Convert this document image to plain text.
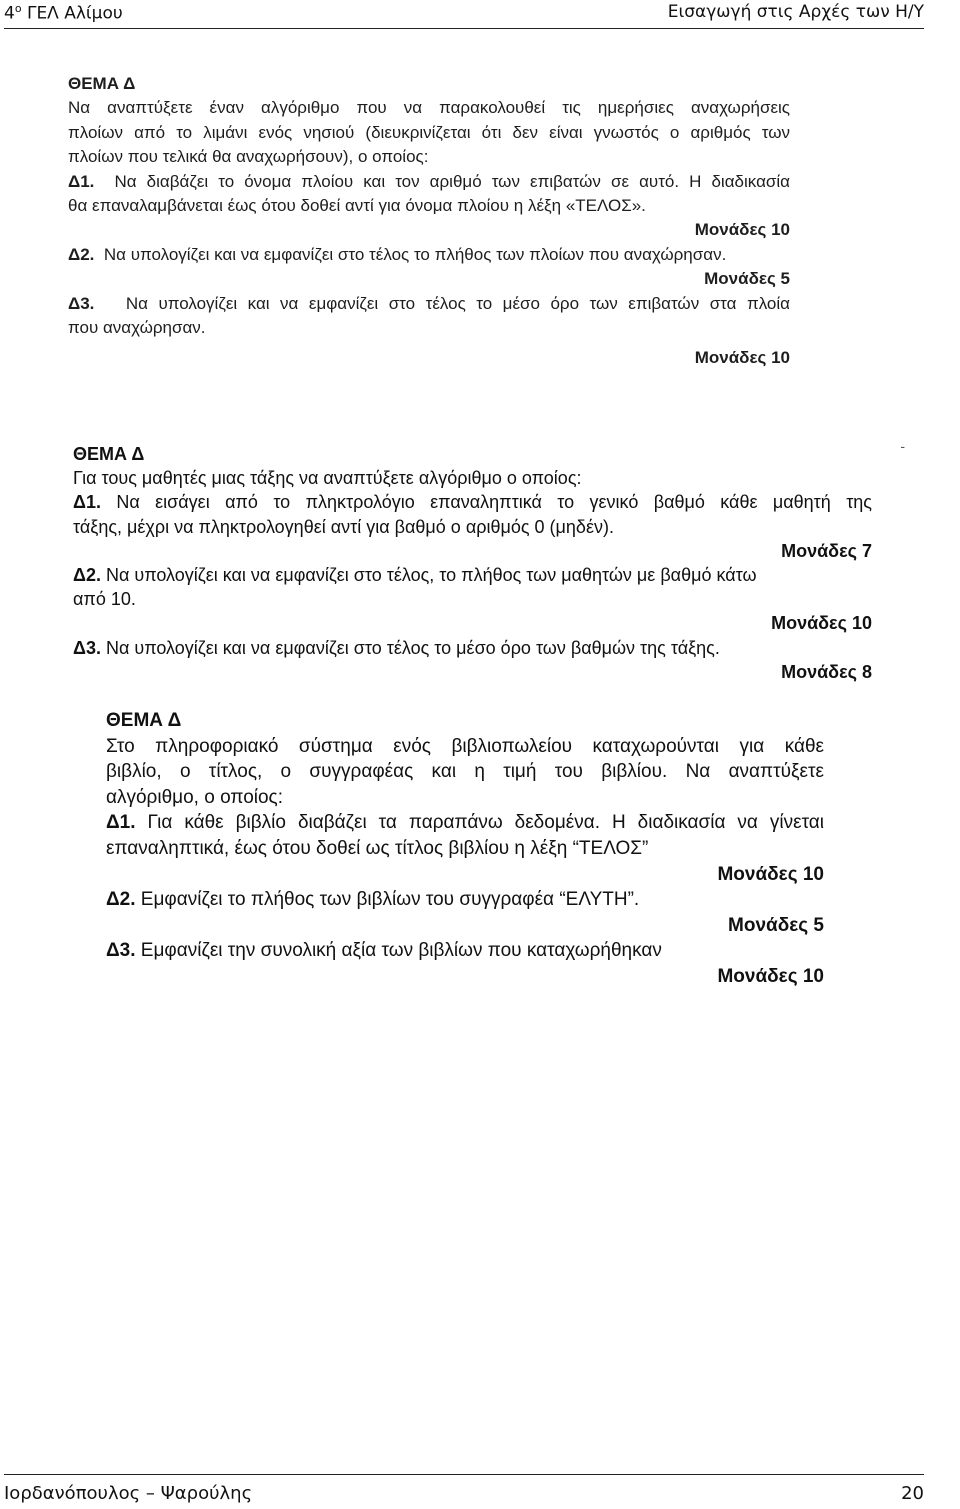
$4^o$ ΓΕΛ Αλίμου	Εισαγωγή στις Αρχές των Η/Υ
ΘΕΜΑ Δ
Να αναπτύξετε έναν αλγόριθμο που να παρακολουθεί τις ημερήσιες αναχωρήσεις
πλοίων από το λιμάνι ενός νησιού (διευκρινίζεται ότι δεν είναι γνωστός ο αριθμός των
πλοίων που τελικά θα αναχωρήσουν), ο οποίος:
Δ1. Να διαβάζει το όνομα πλοίου και τον αριθμό των επιβατών σε αυτό. Η διαδικασία
θα επαναλαμβάνεται έως ότου δοθεί αντί για όνομα πλοίου η λέξη «ΤΕΛΟΣ».
Μονάδες 10
Δ2. Να υπολογίζει και να εμφανίζει στο τέλος το πλήθος των πλοίων που αναχώρησαν.
Μονάδες 5
Δ3. Να υπολογίζει και να εμφανίζει στο τέλος το μέσο όρο των επιβατών στα πλοία
που αναχώρησαν.
Μονάδες 10
-
ΘΕΜΑ Δ
Για τους μαθητές μιας τάξης να αναπτύξετε αλγόριθμο ο οποίος:
Δ1. Να εισάγει από το πληκτρολόγιο επαναληπτικά το γενικό βαθμό κάθε μαθητή της
τάξης, μέχρι να πληκτρολογηθεί αντί για βαθμό ο αριθμός 0 (μηδέν).
Μονάδες 7
Δ2. Να υπολογίζει και να εμφανίζει στο τέλος, το πλήθος των μαθητών με βαθμό κάτω
από 10.
Μονάδες 10
Δ3. Να υπολογίζει και να εμφανίζει στο τέλος το μέσο όρο των βαθμών της τάξης.
Μονάδες 8
ΘΕΜΑ Δ
Στο πληροφοριακό σύστημα ενός βιβλιοπωλείου καταχωρούνται για κάθε
βιβλίο, ο τίτλος, ο συγγραφέας και η τιμή του βιβλίου. Να αναπτύξετε
αλγόριθμο, ο οποίος:
Δ1. Για κάθε βιβλίο διαβάζει τα παραπάνω δεδομένα. Η διαδικασία να γίνεται
επαναληπτικά, έως ότου δοθεί ως τίτλος βιβλίου η λέξη “ΤΕΛΟΣ”
Μονάδες 10
Δ2. Εμφανίζει το πλήθος των βιβλίων του συγγραφέα “ΕΛΥΤΗ”.
Μονάδες 5
Δ3. Εμφανίζει την συνολική αξία των βιβλίων που καταχωρήθηκαν
Μονάδες 10
Ιορδανόπουλος – Ψαρούλης	20
